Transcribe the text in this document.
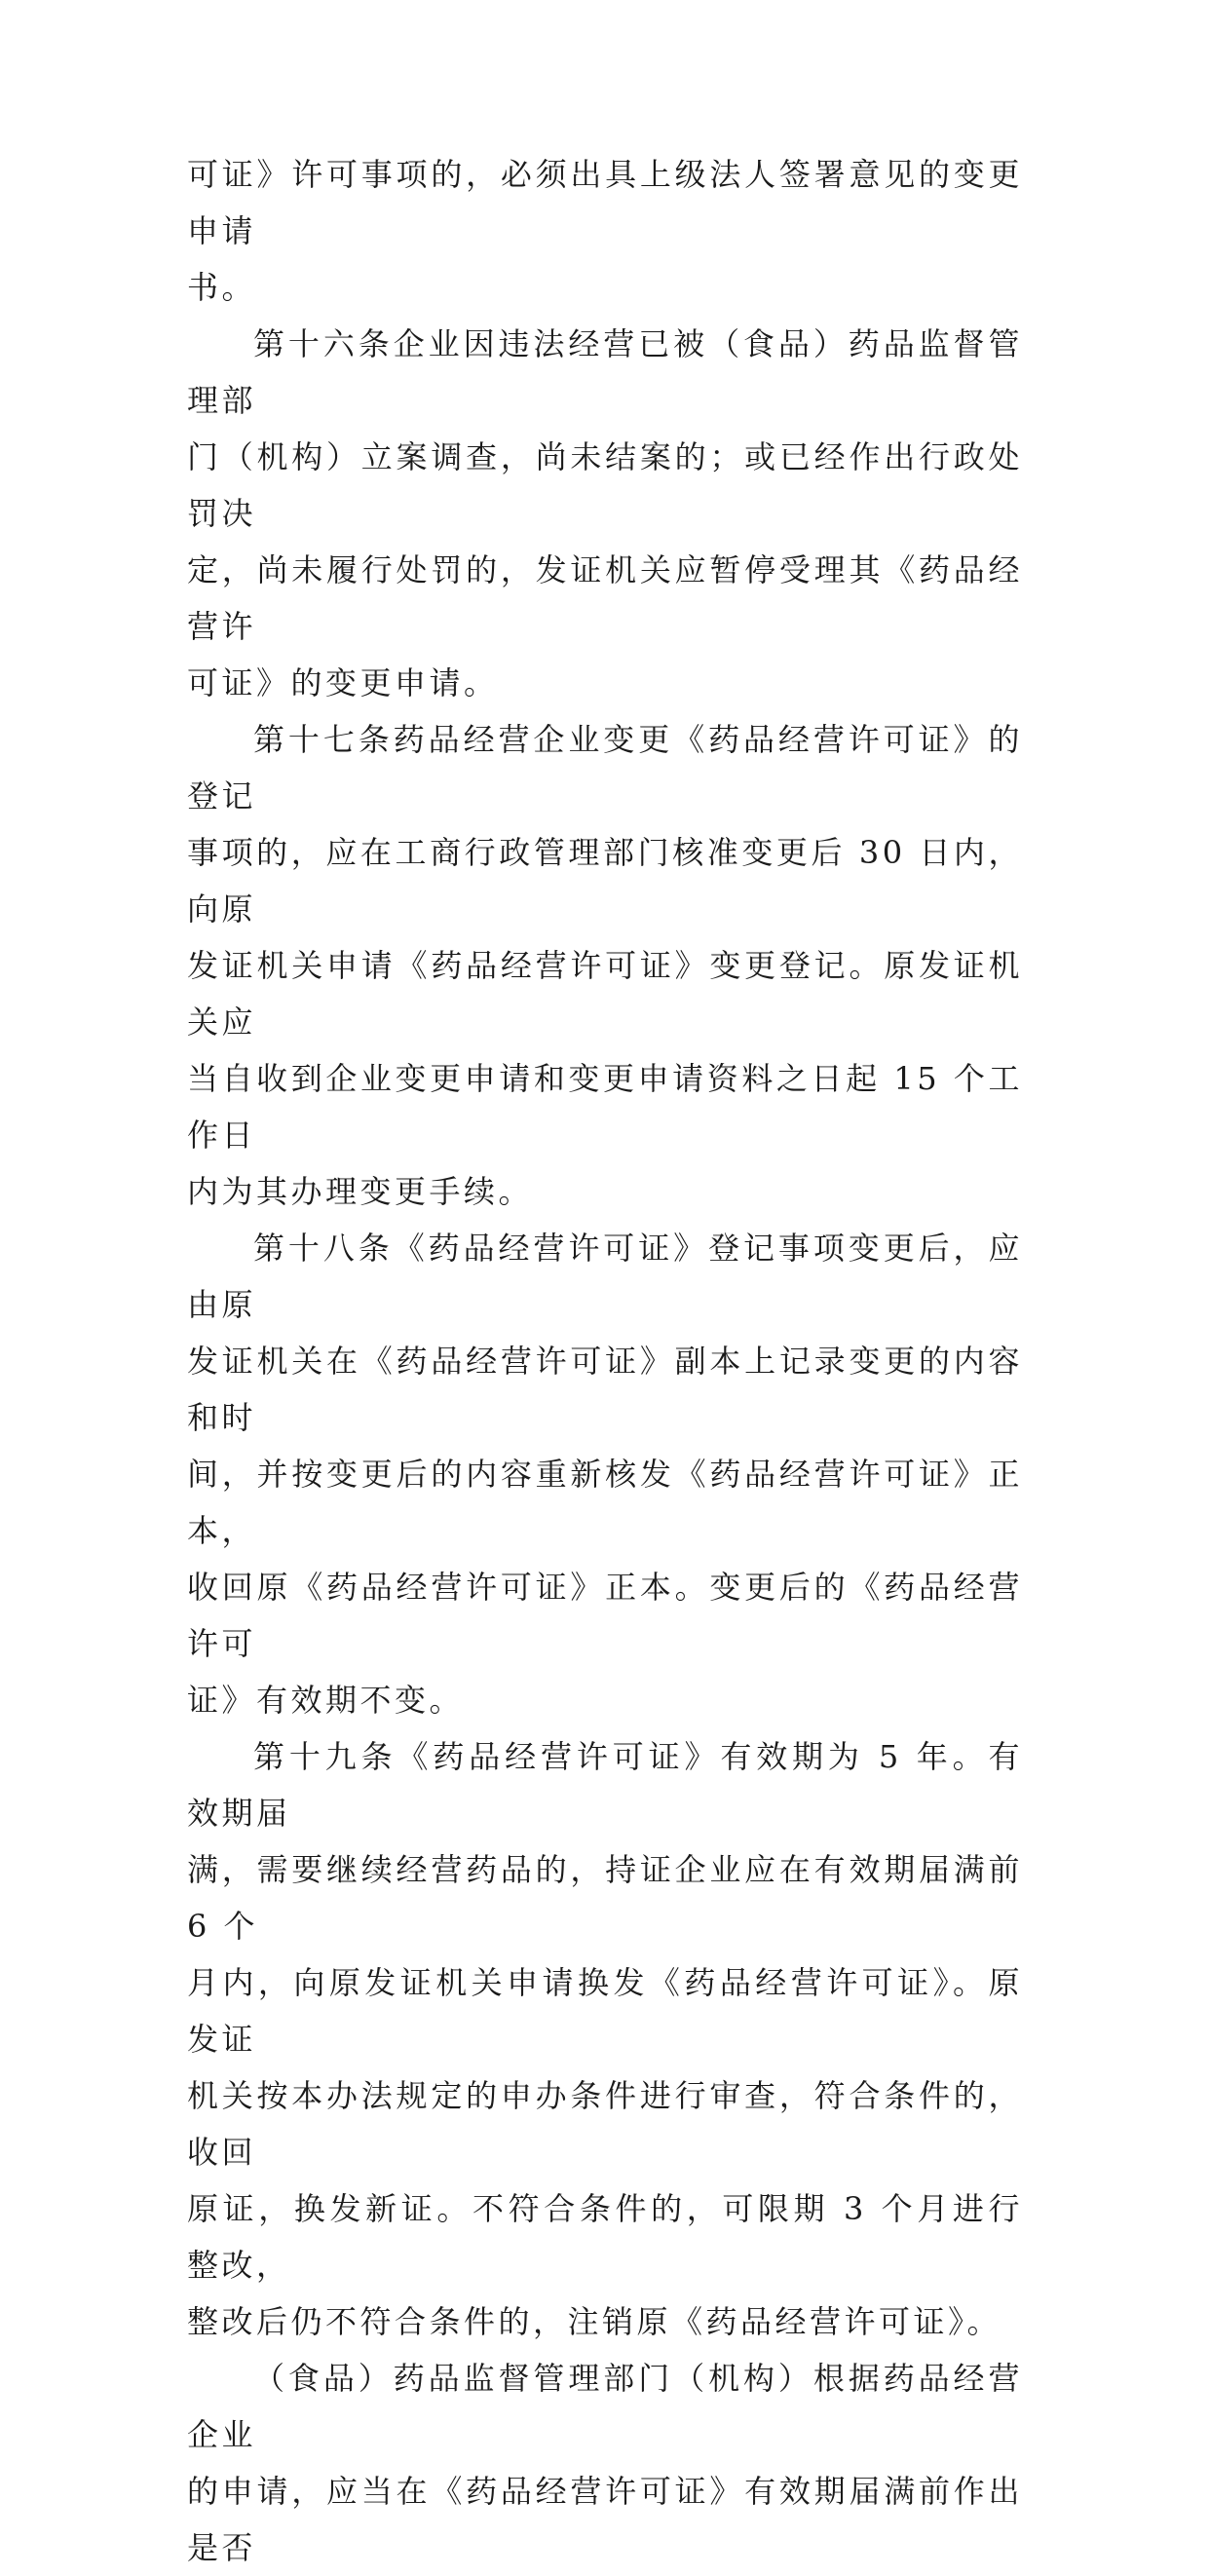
可证》许可事项的，必须出具上级法人签署意见的变更申请
书。

第十六条企业因违法经营已被（食品）药品监督管理部
门（机构）立案调查，尚未结案的；或已经作出行政处罚决
定，尚未履行处罚的，发证机关应暂停受理其《药品经营许
可证》的变更申请。

第十七条药品经营企业变更《药品经营许可证》的登记
事项的，应在工商行政管理部门核准变更后 30 日内，向原
发证机关申请《药品经营许可证》变更登记。原发证机关应
当自收到企业变更申请和变更申请资料之日起 15 个工作日
内为其办理变更手续。

第十八条《药品经营许可证》登记事项变更后，应由原
发证机关在《药品经营许可证》副本上记录变更的内容和时
间，并按变更后的内容重新核发《药品经营许可证》正本，
收回原《药品经营许可证》正本。变更后的《药品经营许可
证》有效期不变。

第十九条《药品经营许可证》有效期为 5 年。有效期届
满，需要继续经营药品的，持证企业应在有效期届满前 6 个
月内，向原发证机关申请换发《药品经营许可证》。原发证
机关按本办法规定的申办条件进行审查，符合条件的，收回
原证，换发新证。不符合条件的，可限期 3 个月进行整改，
整改后仍不符合条件的，注销原《药品经营许可证》。

（食品）药品监督管理部门（机构）根据药品经营企业
的申请，应当在《药品经营许可证》有效期届满前作出是否
